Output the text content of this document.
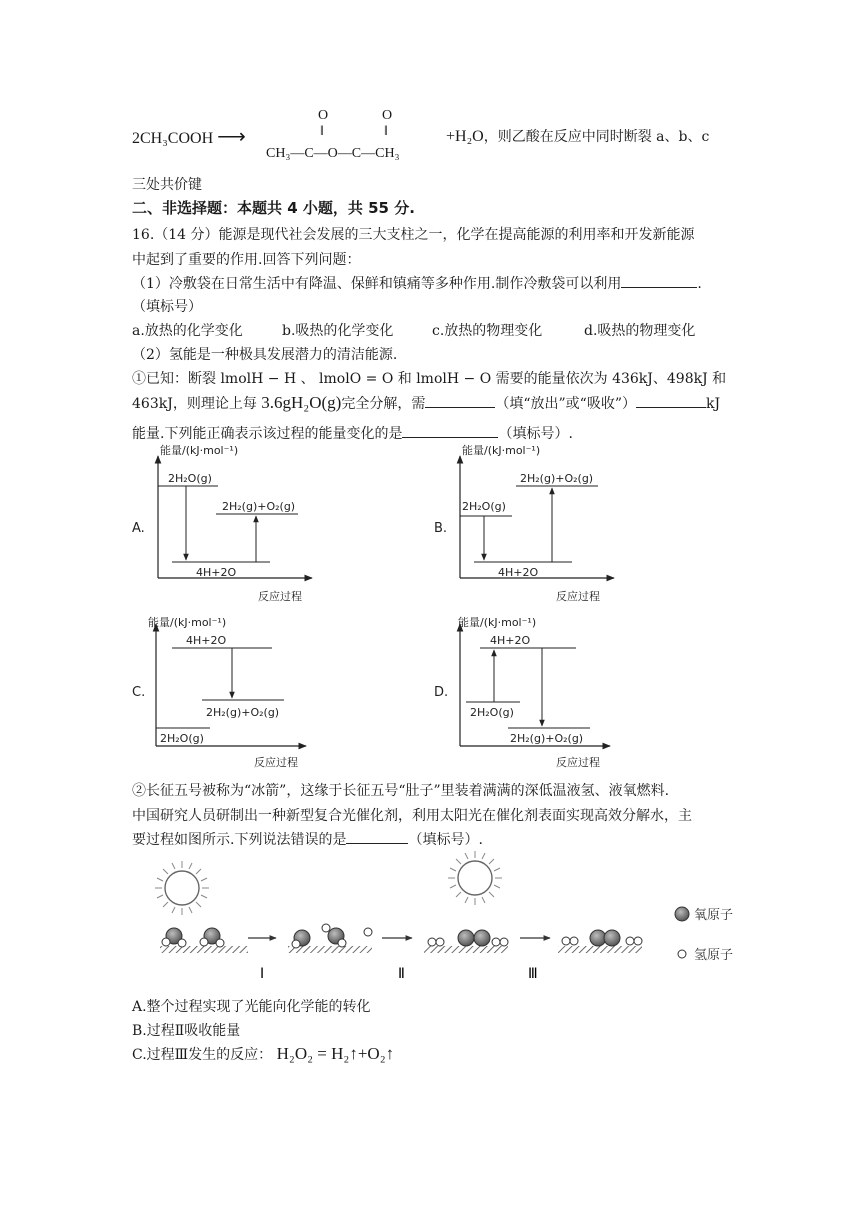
2CH₃COOH ⟶
O	O
‖	‖
CH₃—C—O—C—CH₃
+H₂O，则乙酸在反应中同时断裂 a、b、c
三处共价键
二、非选择题：本题共 4 小题，共 55 分.
16.（14 分）能源是现代社会发展的三大支柱之一，化学在提高能源的利用率和开发新能源
中起到了重要的作用.回答下列问题：
（1）冷敷袋在日常生活中有降温、保鲜和镇痛等多种作用.制作冷敷袋可以利用	.
（填标号）
a.放热的化学变化	b.吸热的化学变化	c.放热的物理变化	d.吸热的物理变化
（2）氢能是一种极具发展潜力的清洁能源.
①已知：断裂 lmolH − H 、 lmolO = O 和 lmolH − O 需要的能量依次为 436kJ、498kJ 和
463kJ，则理论上每 3.6gH₂O(g)完全分解，需	（填“放出”或“吸收”）	kJ
能量.下列能正确表示该过程的能量变化的是	（填标号）.
A.
能量/(kJ·mol⁻¹)
反应过程
2H₂O(g)
2H₂(g)+O₂(g)
4H+2O
B.
能量/(kJ·mol⁻¹)
反应过程
2H₂(g)+O₂(g)
2H₂O(g)
4H+2O
C.
能量/(kJ·mol⁻¹)
反应过程
4H+2O
2H₂(g)+O₂(g)
2H₂O(g)
D.
能量/(kJ·mol⁻¹)
反应过程
4H+2O
2H₂O(g)
2H₂(g)+O₂(g)
②长征五号被称为“冰箭”，这缘于长征五号“肚子”里装着满满的深低温液氢、液氧燃料.
中国研究人员研制出一种新型复合光催化剂，利用太阳光在催化剂表面实现高效分解水，主
要过程如图所示.下列说法错误的是	（填标号）.
Ⅰ	Ⅱ	Ⅲ
氧原子
氢原子
A.整个过程实现了光能向化学能的转化
B.过程Ⅱ吸收能量
C.过程Ⅲ发生的反应： H₂O₂ = H₂↑+O₂↑
